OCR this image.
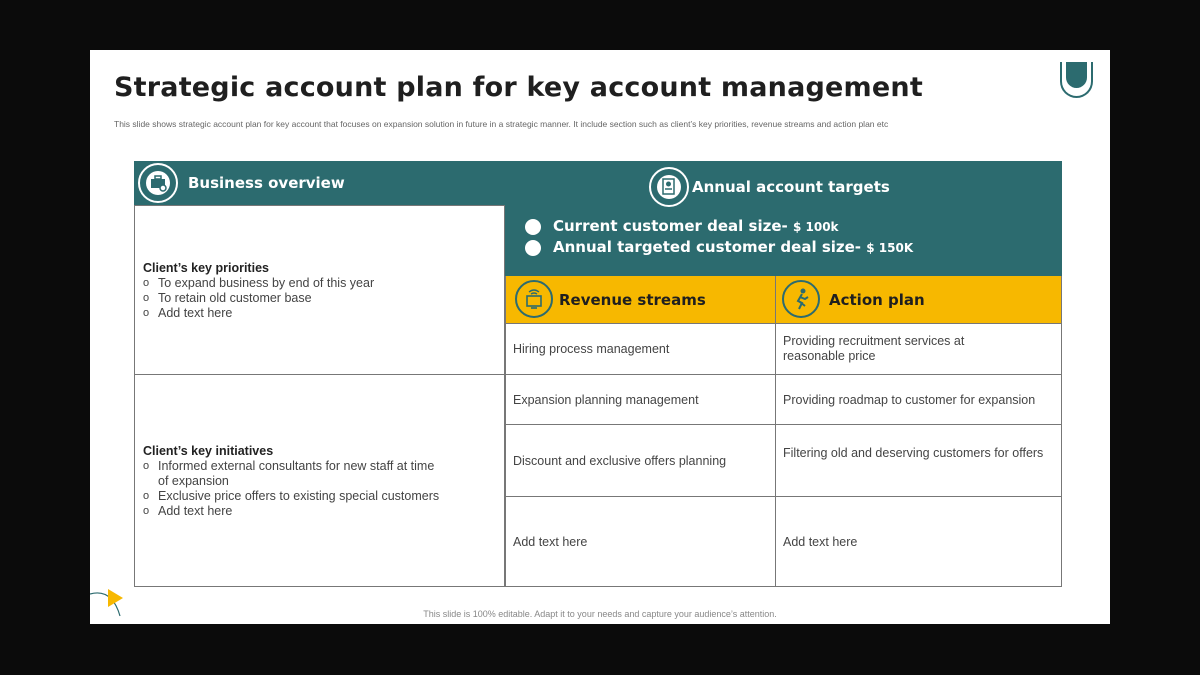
Strategic account plan for key account management
This slide shows strategic account plan for key account that focuses on expansion solution in future in a strategic manner. It include section such as client’s key priorities, revenue streams and action plan etc
Business overview
Client’s key priorities
o To expand business by end of this year
o To retain old customer base
o Add text here
Client’s key initiatives
o Informed external consultants for new staff at time of expansion
o Exclusive price offers to existing special customers
o Add text here
Annual account targets
Current customer deal size- $ 100k
Annual targeted customer deal size- $ 150K
Revenue streams	Action plan
Hiring process management
Expansion planning management
Discount and exclusive offers planning
Add text here
Providing recruitment services at reasonable price
Providing roadmap to customer for expansion
Filtering old and deserving customers for offers
Add text here
This slide is 100% editable. Adapt it to your needs and capture your audience’s attention.
